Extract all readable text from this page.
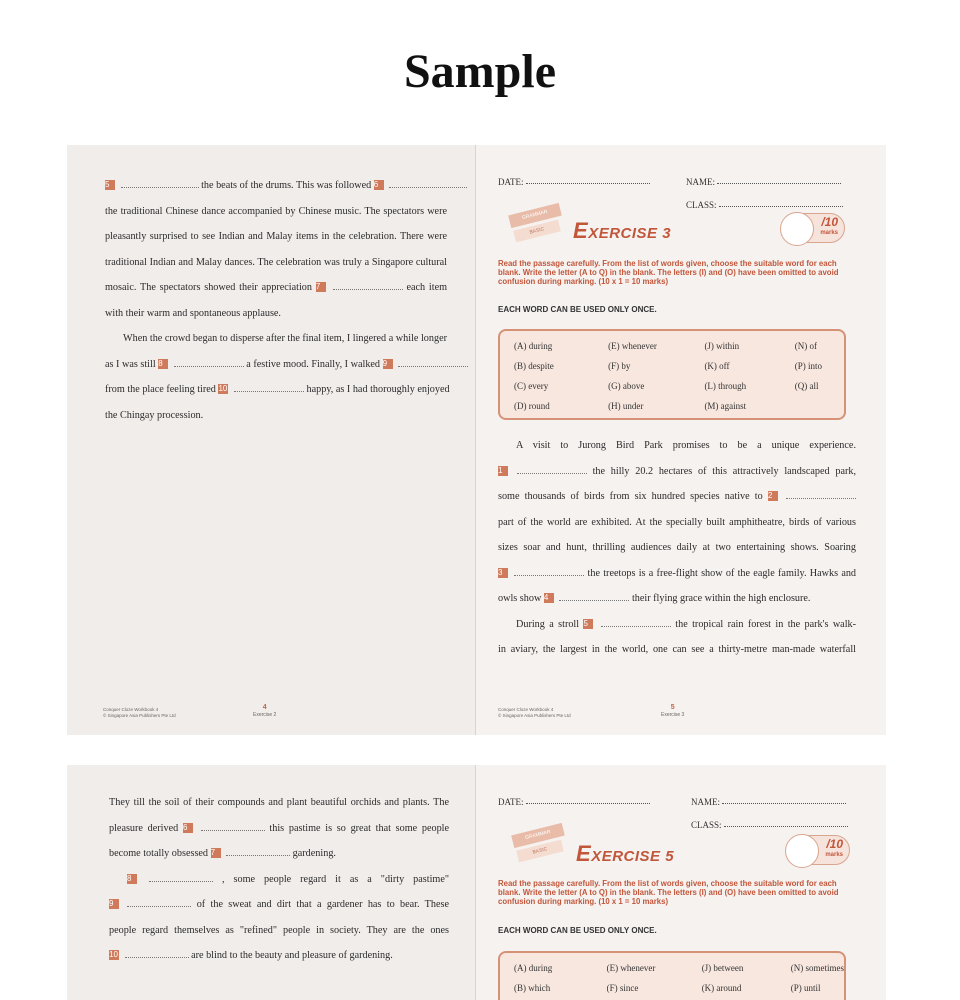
Sample
5	the beats of the drums. This was followed 6
the traditional Chinese dance accompanied by Chinese music. The spectators were
pleasantly surprised to see Indian and Malay items in the celebration. There were
traditional Indian and Malay dances. The celebration was truly a Singapore cultural
mosaic. The spectators showed their appreciation 7	each item
with their warm and spontaneous applause.
When the crowd began to disperse after the final item, I lingered a while longer
as I was still 8	a festive mood. Finally, I walked 9
from the place feeling tired 10	happy, as I had thoroughly enjoyed
the Chingay procession.
Conquer Cloze Workbook 4
© Singapore Asia Publishers Pte Ltd
4
Exercise 2
DATE:	NAME:
CLASS:
GRAMMAR
BASIC	EXERCISE 3
/10
marks
Read the passage carefully. From the list of words given, choose the suitable word for each blank. Write the letter (A to Q) in the blank. The letters (I) and (O) have been omitted to avoid confusion during marking. (10 x 1 = 10 marks)
EACH WORD CAN BE USED ONLY ONCE.
(A) during	(E) whenever	(J) within	(N) of
(B) despite	(F) by	(K) off	(P) into
(C) every	(G) above	(L) through	(Q) all
(D) round	(H) under	(M) against	
A visit to Jurong Bird Park promises to be a unique experience.
1	the hilly 20.2 hectares of this attractively landscaped park,
some thousands of birds from six hundred species native to 2
part of the world are exhibited. At the specially built amphitheatre, birds of various
sizes soar and hunt, thrilling audiences daily at two entertaining shows. Soaring
3	the treetops is a free-flight show of the eagle family. Hawks and
owls show 4	their flying grace within the high enclosure.
During a stroll 5	the tropical rain forest in the park's walk-
in aviary, the largest in the world, one can see a thirty-metre man-made waterfall
Conquer Cloze Workbook 4
© Singapore Asia Publishers Pte Ltd
5
Exercise 3
They till the soil of their compounds and plant beautiful orchids and plants. The
pleasure derived 6	this pastime is so great that some people
become totally obsessed 7	gardening.
8	, some people regard it as a "dirty pastime"
9	of the sweat and dirt that a gardener has to bear. These
people regard themselves as "refined" people in society. They are the ones
10	are blind to the beauty and pleasure of gardening.
DATE:	NAME:
CLASS:
GRAMMAR
BASIC	EXERCISE 5
/10
marks
Read the passage carefully. From the list of words given, choose the suitable word for each blank. Write the letter (A to Q) in the blank. The letters (I) and (O) have been omitted to avoid confusion during marking. (10 x 1 = 10 marks)
EACH WORD CAN BE USED ONLY ONCE.
(A) during	(E) whenever	(J) between	(N) sometimes
(B) which	(F) since	(K) around	(P) until
